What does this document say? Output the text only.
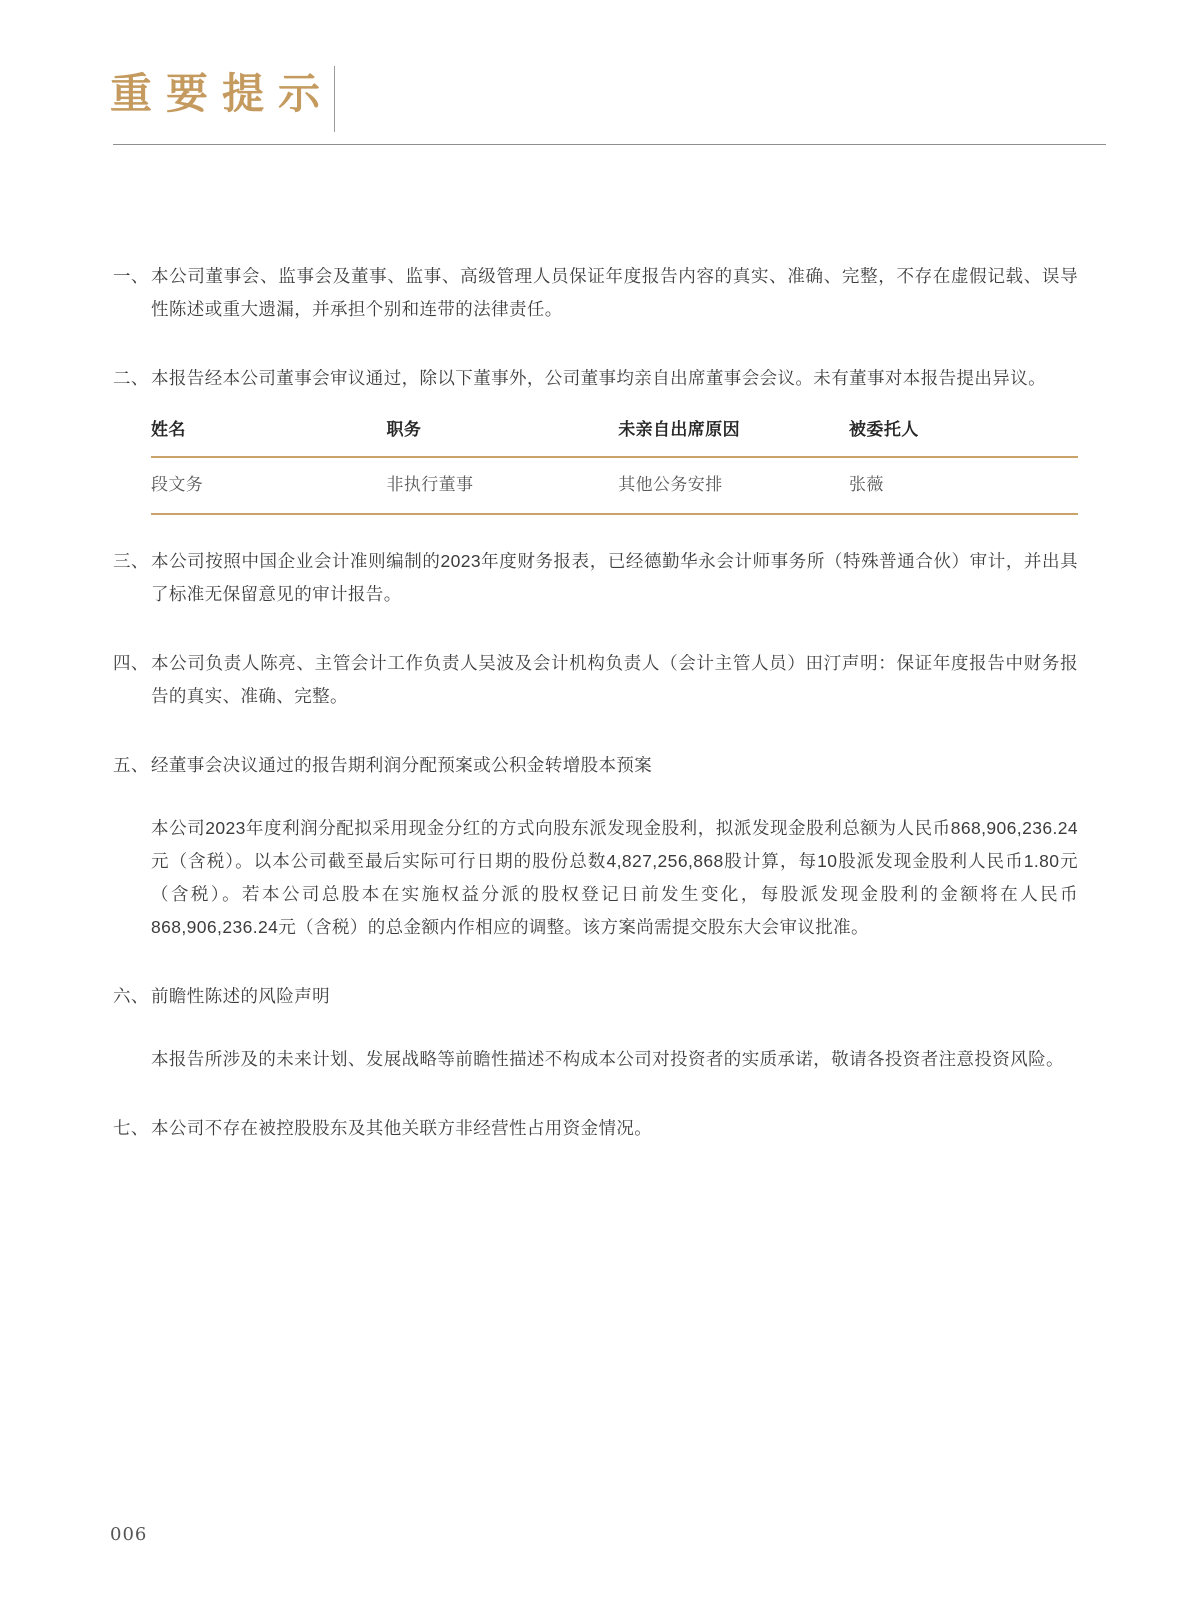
重要提示
一、 本公司董事会、监事会及董事、监事、高级管理人员保证年度报告内容的真实、准确、完整，不存在虚假记载、误导性陈述或重大遗漏，并承担个别和连带的法律责任。
二、 本报告经本公司董事会审议通过，除以下董事外，公司董事均亲自出席董事会会议。未有董事对本报告提出异议。
姓名	职务	未亲自出席原因	被委托人
段文务	非执行董事	其他公务安排	张薇
三、 本公司按照中国企业会计准则编制的2023年度财务报表，已经德勤华永会计师事务所（特殊普通合伙）审计，并出具了标准无保留意见的审计报告。
四、 本公司负责人陈亮、主管会计工作负责人吴波及会计机构负责人（会计主管人员）田汀声明：保证年度报告中财务报告的真实、准确、完整。
五、 经董事会决议通过的报告期利润分配预案或公积金转增股本预案
本公司2023年度利润分配拟采用现金分红的方式向股东派发现金股利，拟派发现金股利总额为人民币868,906,236.24元（含税）。以本公司截至最后实际可行日期的股份总数4,827,256,868股计算，每10股派发现金股利人民币1.80元（含税）。若本公司总股本在实施权益分派的股权登记日前发生变化，每股派发现金股利的金额将在人民币868,906,236.24元（含税）的总金额内作相应的调整。该方案尚需提交股东大会审议批准。
六、 前瞻性陈述的风险声明
本报告所涉及的未来计划、发展战略等前瞻性描述不构成本公司对投资者的实质承诺，敬请各投资者注意投资风险。
七、 本公司不存在被控股股东及其他关联方非经营性占用资金情况。
006
